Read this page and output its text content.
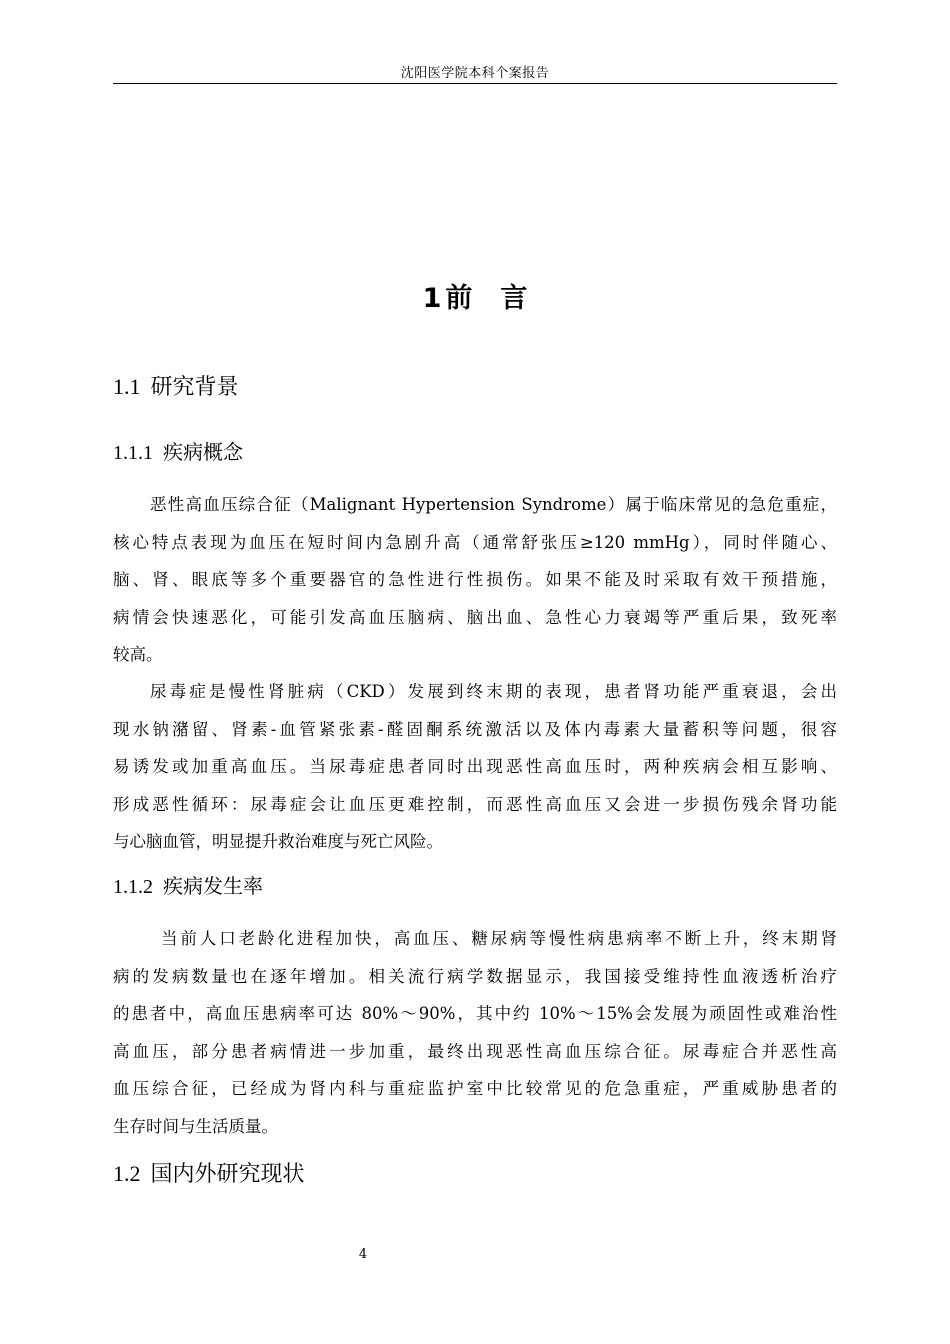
沈阳医学院本科个案报告
1 前 言
1.1 研究背景
1.1.1 疾病概念
恶性高血压综合征（Malignant Hypertension Syndrome）属于临床常见的急危重症，
核心特点表现为血压在短时间内急剧升高（通常舒张压≥120 mmHg），同时伴随心、
脑、肾、眼底等多个重要器官的急性进行性损伤。如果不能及时采取有效干预措施，
病情会快速恶化，可能引发高血压脑病、脑出血、急性心力衰竭等严重后果，致死率
较高。
尿毒症是慢性肾脏病（CKD）发展到终末期的表现，患者肾功能严重衰退，会出
现水钠潴留、肾素-血管紧张素-醛固酮系统激活以及体内毒素大量蓄积等问题，很容
易诱发或加重高血压。当尿毒症患者同时出现恶性高血压时，两种疾病会相互影响、
形成恶性循环：尿毒症会让血压更难控制，而恶性高血压又会进一步损伤残余肾功能
与心脑血管，明显提升救治难度与死亡风险。
1.1.2 疾病发生率
当前人口老龄化进程加快，高血压、糖尿病等慢性病患病率不断上升，终末期肾
病的发病数量也在逐年增加。相关流行病学数据显示，我国接受维持性血液透析治疗
的患者中，高血压患病率可达 80%～90%，其中约 10%～15%会发展为顽固性或难治性
高血压，部分患者病情进一步加重，最终出现恶性高血压综合征。尿毒症合并恶性高
血压综合征，已经成为肾内科与重症监护室中比较常见的危急重症，严重威胁患者的
生存时间与生活质量。
1.2 国内外研究现状
4
